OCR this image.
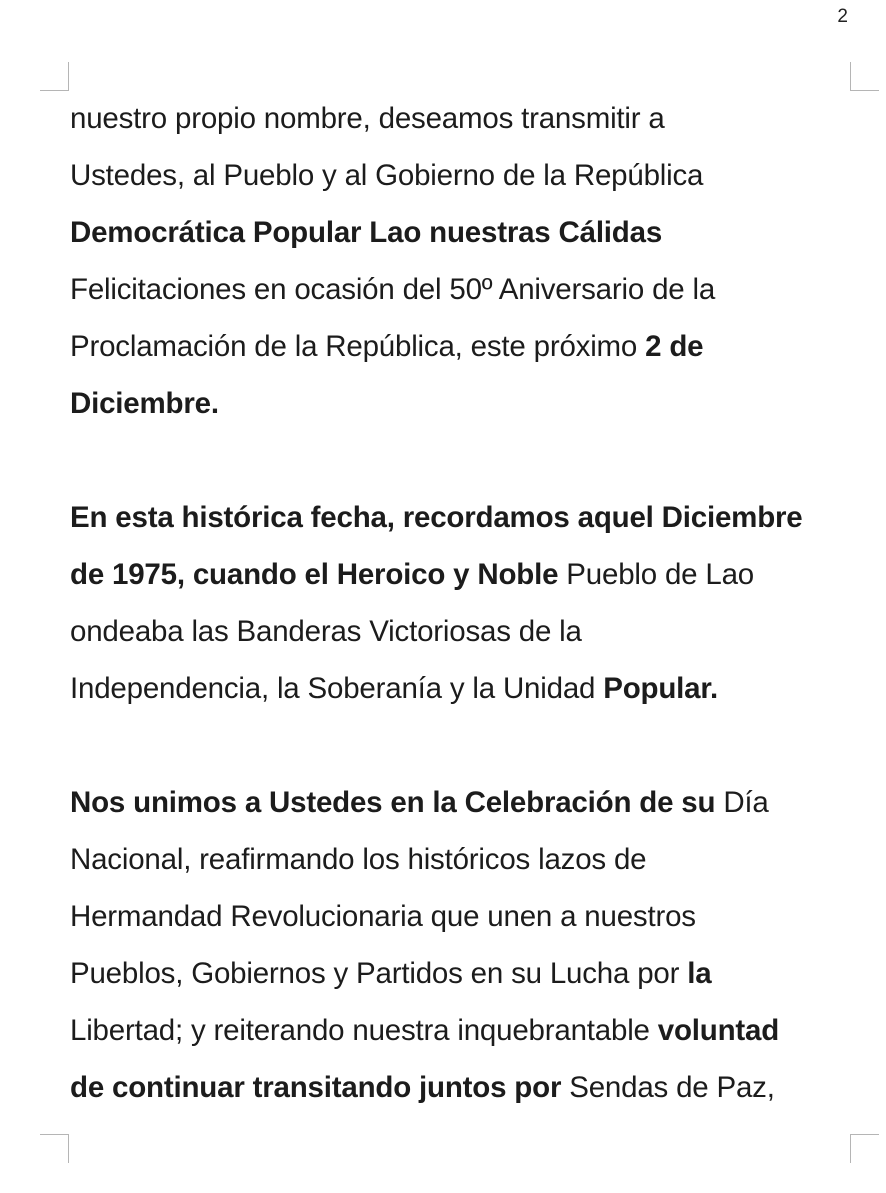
2

nuestro propio nombre, deseamos transmitir a
Ustedes, al Pueblo y al Gobierno de la República
Democrática Popular Lao nuestras Cálidas
Felicitaciones en ocasión del 50º Aniversario de la
Proclamación de la República, este próximo 2 de
Diciembre.

En esta histórica fecha, recordamos aquel Diciembre
de 1975, cuando el Heroico y Noble Pueblo de Lao
ondeaba las Banderas Victoriosas de la
Independencia, la Soberanía y la Unidad Popular.

Nos unimos a Ustedes en la Celebración de su Día
Nacional, reafirmando los históricos lazos de
Hermandad Revolucionaria que unen a nuestros
Pueblos, Gobiernos y Partidos en su Lucha por la
Libertad; y reiterando nuestra inquebrantable voluntad
de continuar transitando juntos por Sendas de Paz,
